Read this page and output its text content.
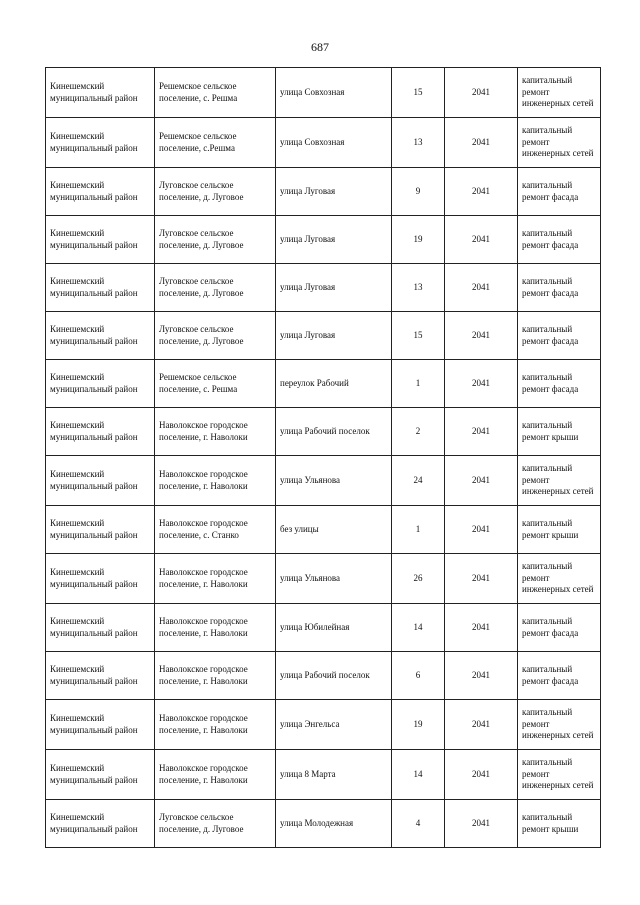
687
Кинешемский муниципальный район	Решемское сельское поселение, с. Решма	улица Совхозная	15	2041	капитальный ремонт инженерных сетей
Кинешемский муниципальный район	Решемское сельское поселение, с.Решма	улица Совхозная	13	2041	капитальный ремонт инженерных сетей
Кинешемский муниципальный район	Луговское сельское поселение, д. Луговое	улица Луговая	9	2041	капитальный ремонт фасада
Кинешемский муниципальный район	Луговское сельское поселение, д. Луговое	улица Луговая	19	2041	капитальный ремонт фасада
Кинешемский муниципальный район	Луговское сельское поселение, д. Луговое	улица Луговая	13	2041	капитальный ремонт фасада
Кинешемский муниципальный район	Луговское сельское поселение, д. Луговое	улица Луговая	15	2041	капитальный ремонт фасада
Кинешемский муниципальный район	Решемское сельское поселение, с. Решма	переулок Рабочий	1	2041	капитальный ремонт фасада
Кинешемский муниципальный район	Наволокское городское поселение, г. Наволоки	улица Рабочий поселок	2	2041	капитальный ремонт крыши
Кинешемский муниципальный район	Наволокское городское поселение, г. Наволоки	улица Ульянова	24	2041	капитальный ремонт инженерных сетей
Кинешемский муниципальный район	Наволокское городское поселение, с. Станко	без улицы	1	2041	капитальный ремонт крыши
Кинешемский муниципальный район	Наволокское городское поселение, г. Наволоки	улица Ульянова	26	2041	капитальный ремонт инженерных сетей
Кинешемский муниципальный район	Наволокское городское поселение, г. Наволоки	улица Юбилейная	14	2041	капитальный ремонт фасада
Кинешемский муниципальный район	Наволокское городское поселение, г. Наволоки	улица Рабочий поселок	6	2041	капитальный ремонт фасада
Кинешемский муниципальный район	Наволокское городское поселение, г. Наволоки	улица Энгельса	19	2041	капитальный ремонт инженерных сетей
Кинешемский муниципальный район	Наволокское городское поселение, г. Наволоки	улица 8 Марта	14	2041	капитальный ремонт инженерных сетей
Кинешемский муниципальный район	Луговское сельское поселение, д. Луговое	улица Молодежная	4	2041	капитальный ремонт крыши
